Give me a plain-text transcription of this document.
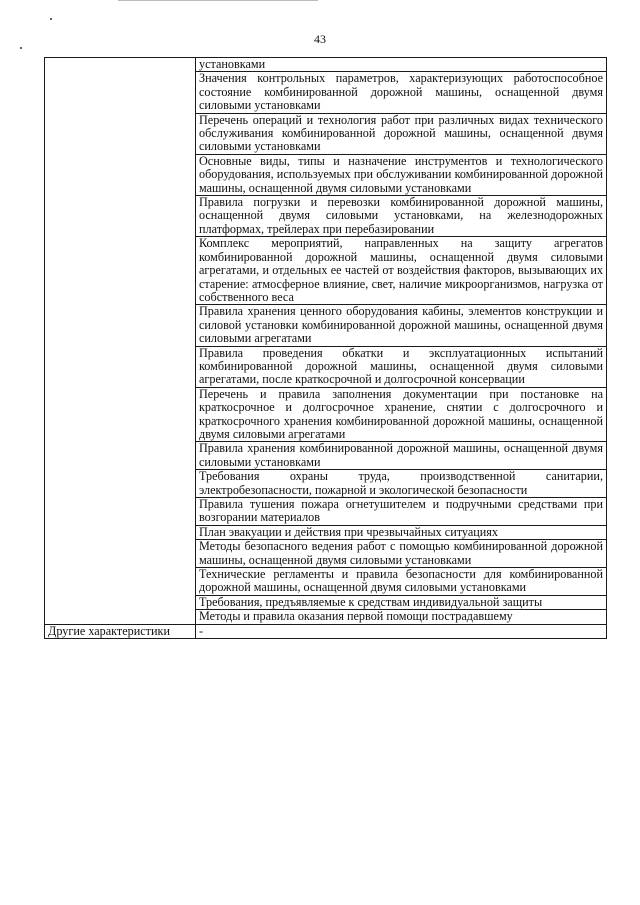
43

	установками

	Значения контрольных параметров, характеризующих работоспособное состояние комбинированной дорожной машины, оснащенной двумя силовыми установками

	Перечень операций и технология работ при различных видах технического обслуживания комбинированной дорожной машины, оснащенной двумя силовыми установками

	Основные виды, типы и назначение инструментов и технологического оборудования, используемых при обслуживании комбинированной дорожной машины, оснащенной двумя силовыми установками

	Правила погрузки и перевозки комбинированной дорожной машины, оснащенной двумя силовыми установками, на железнодорожных платформах, трейлерах при перебазировании

	Комплекс мероприятий, направленных на защиту агрегатов комбинированной дорожной машины, оснащенной двумя силовыми агрегатами, и отдельных ее частей от воздействия факторов, вызывающих их старение: атмосферное влияние, свет, наличие микроорганизмов, нагрузка от собственного веса

	Правила хранения ценного оборудования кабины, элементов конструкции и силовой установки комбинированной дорожной машины, оснащенной двумя силовыми агрегатами

	Правила проведения обкатки и эксплуатационных испытаний комбинированной дорожной машины, оснащенной двумя силовыми агрегатами, после краткосрочной и долгосрочной консервации

	Перечень и правила заполнения документации при постановке на краткосрочное и долгосрочное хранение, снятии с долгосрочного и краткосрочного хранения комбинированной дорожной машины, оснащенной двумя силовыми агрегатами

	Правила хранения комбинированной дорожной машины, оснащенной двумя силовыми установками

	Требования охраны труда, производственной санитарии, электробезопасности, пожарной и экологической безопасности

	Правила тушения пожара огнетушителем и подручными средствами при возгорании материалов

	План эвакуации и действия при чрезвычайных ситуациях

	Методы безопасного ведения работ с помощью комбинированной дорожной машины, оснащенной двумя силовыми установками

	Технические регламенты и правила безопасности для комбинированной дорожной машины, оснащенной двумя силовыми установками

	Требования, предъявляемые к средствам индивидуальной защиты

	Методы и правила оказания первой помощи пострадавшему

Другие характеристики	-
